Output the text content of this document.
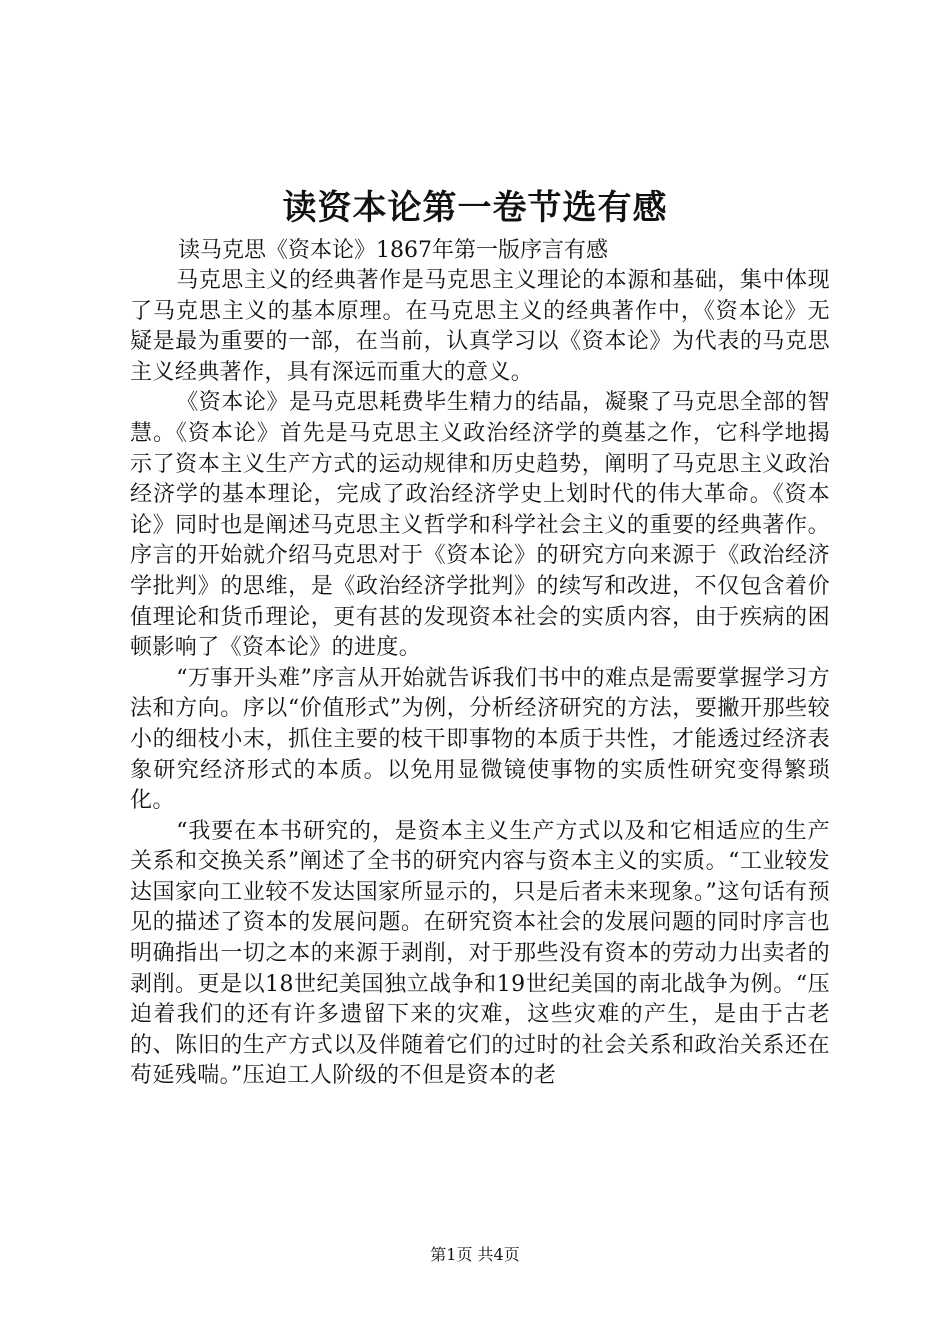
读资本论第一卷节选有感
读马克思《资本论》1867年第一版序言有感

马克思主义的经典著作是马克思主义理论的本源和基础，集中体现了马克思主义的基本原理。在马克思主义的经典著作中，《资本论》无疑是最为重要的一部，在当前，认真学习以《资本论》为代表的马克思主义经典著作，具有深远而重大的意义。

《资本论》是马克思耗费毕生精力的结晶，凝聚了马克思全部的智慧。《资本论》首先是马克思主义政治经济学的奠基之作，它科学地揭示了资本主义生产方式的运动规律和历史趋势，阐明了马克思主义政治经济学的基本理论，完成了政治经济学史上划时代的伟大革命。《资本论》同时也是阐述马克思主义哲学和科学社会主义的重要的经典著作。序言的开始就介绍马克思对于《资本论》的研究方向来源于《政治经济学批判》的思维，是《政治经济学批判》的续写和改进，不仅包含着价值理论和货币理论，更有甚的发现资本社会的实质内容，由于疾病的困顿影响了《资本论》的进度。

“万事开头难”序言从开始就告诉我们书中的难点是需要掌握学习方法和方向。序以“价值形式”为例，分析经济研究的方法，要撇开那些较小的细枝小末，抓住主要的枝干即事物的本质于共性，才能透过经济表象研究经济形式的本质。以免用显微镜使事物的实质性研究变得繁琐化。

“我要在本书研究的，是资本主义生产方式以及和它相适应的生产关系和交换关系”阐述了全书的研究内容与资本主义的实质。“工业较发达国家向工业较不发达国家所显示的，只是后者未来现象。”这句话有预见的描述了资本的发展问题。在研究资本社会的发展问题的同时序言也明确指出一切之本的来源于剥削，对于那些没有资本的劳动力出卖者的剥削。更是以18世纪美国独立战争和19世纪美国的南北战争为例。“压迫着我们的还有许多遗留下来的灾难，这些灾难的产生，是由于古老的、陈旧的生产方式以及伴随着它们的过时的社会关系和政治关系还在苟延残喘。”压迫工人阶级的不但是资本的老

第1页 共4页
